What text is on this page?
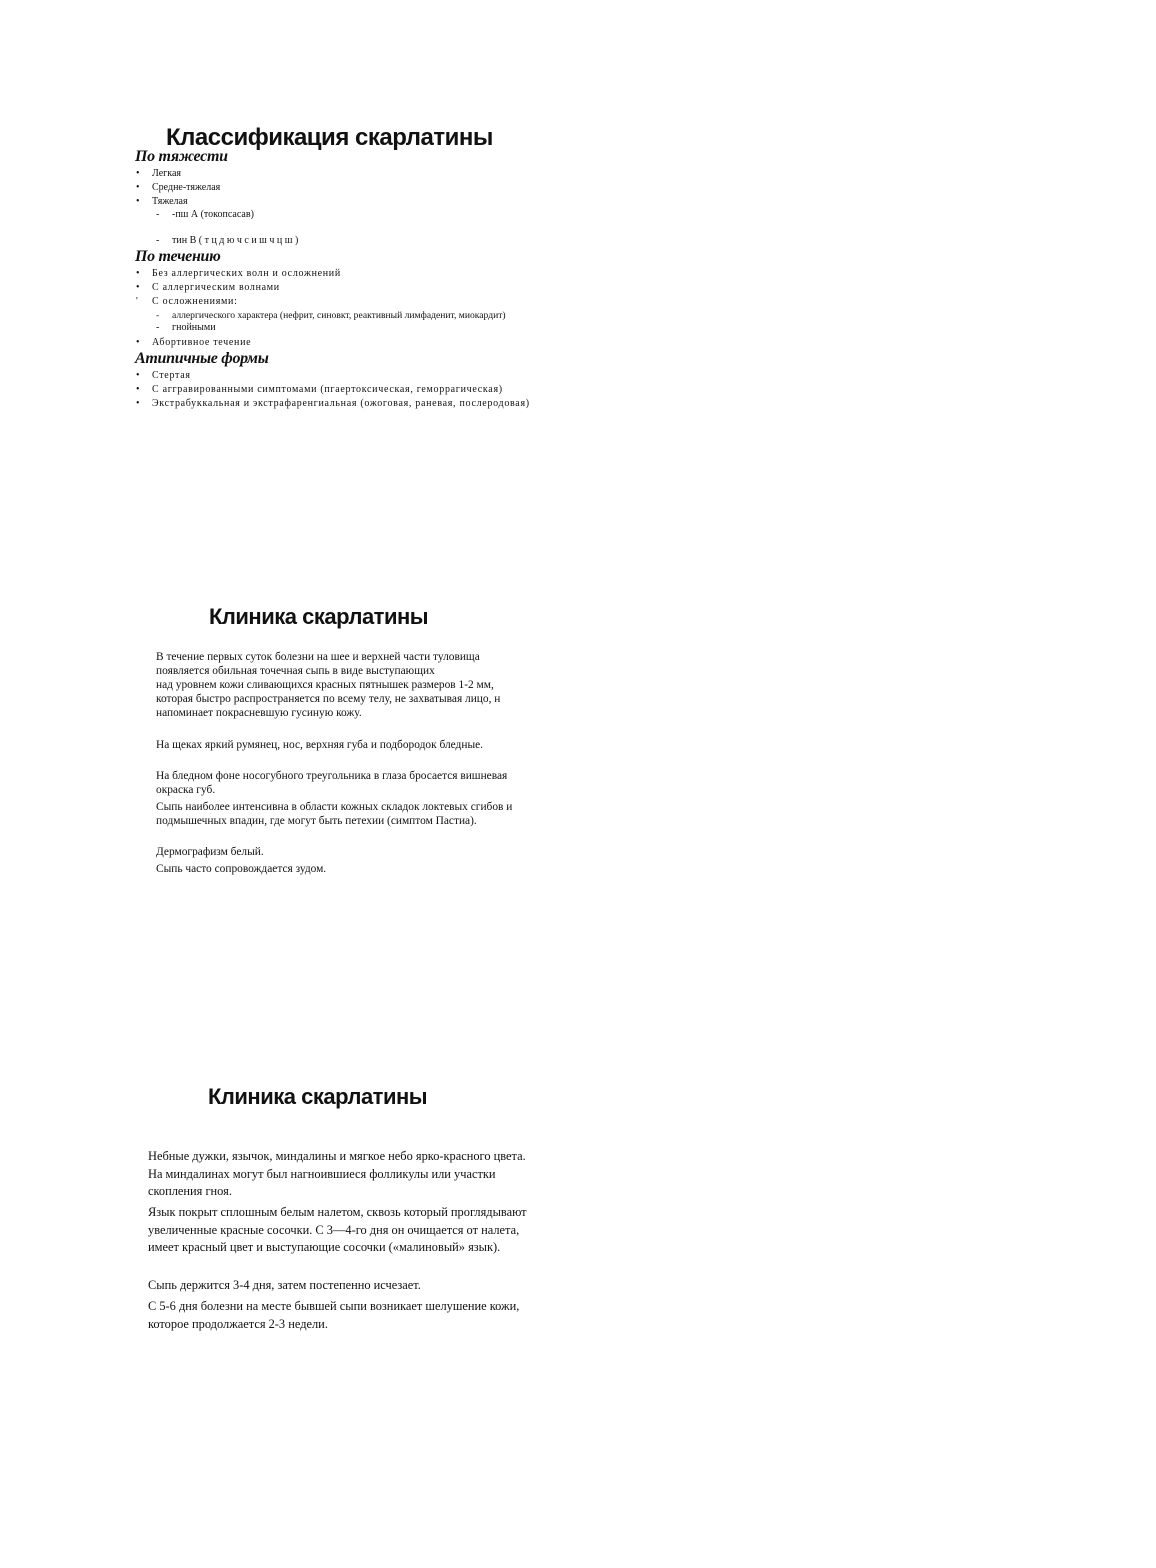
Классификация скарлатины
По тяжести
• Легкая
• Средне-тяжелая
• Тяжелая
- -пш А (токопсасав)
- тин В ( т ц д ю ч с и ш ч ц ш )
По течению
• Без аллергических волн и осложнений
• С аллергическим волнами
' С осложнениями:
- аллергического характера (нефрит, синовкт, реактивный лимфаденит, миокардит)
- гнойными
• Абортивное течение
Атипичные формы
• Стертая
• С аггравированными симптомами (пгаертоксическая, геморрагическая)
• Экстрабуккальная и экстрафаренгиальная (ожоговая, раневая, послеродовая)
Клиника скарлатины

В течение первых суток болезни на шее и верхней части туловища появляется обильная точечная сыпь в виде выступающих
над уровнем кожи сливающихся красных пятнышек размеров 1-2 мм, которая быстро распространяется по всему телу, не захватывая лицо, н напоминает покрасневшую гусиную кожу.

На щеках яркий румянец, нос, верхняя губа и подбородок бледные.

На бледном фоне носогубного треугольника в глаза бросается вишневая окраска губ.

Сыпь наиболее интенсивна в области кожных складок локтевых сгибов и подмышечных впадин, где могут быть петехии (симптом Пастиа).

Дермографизм белый.

Сыпь часто сопровождается зудом.

Клиника скарлатины

Небные дужки, язычок, миндалины и мягкое небо ярко-красного цвета. На миндалинах могут был нагноившиеся фолликулы или участки скопления гноя.

Язык покрыт сплошным белым налетом, сквозь который проглядывают увеличенные красные сосочки. С 3—4-го дня он очищается от налета, имеет красный цвет и выступающие сосочки («малиновый» язык).

Сыпь держится 3-4 дня, затем постепенно исчезает.

С 5-6 дня болезни на месте бывшей сыпи возникает шелушение кожи, которое продолжается 2-3 недели.
